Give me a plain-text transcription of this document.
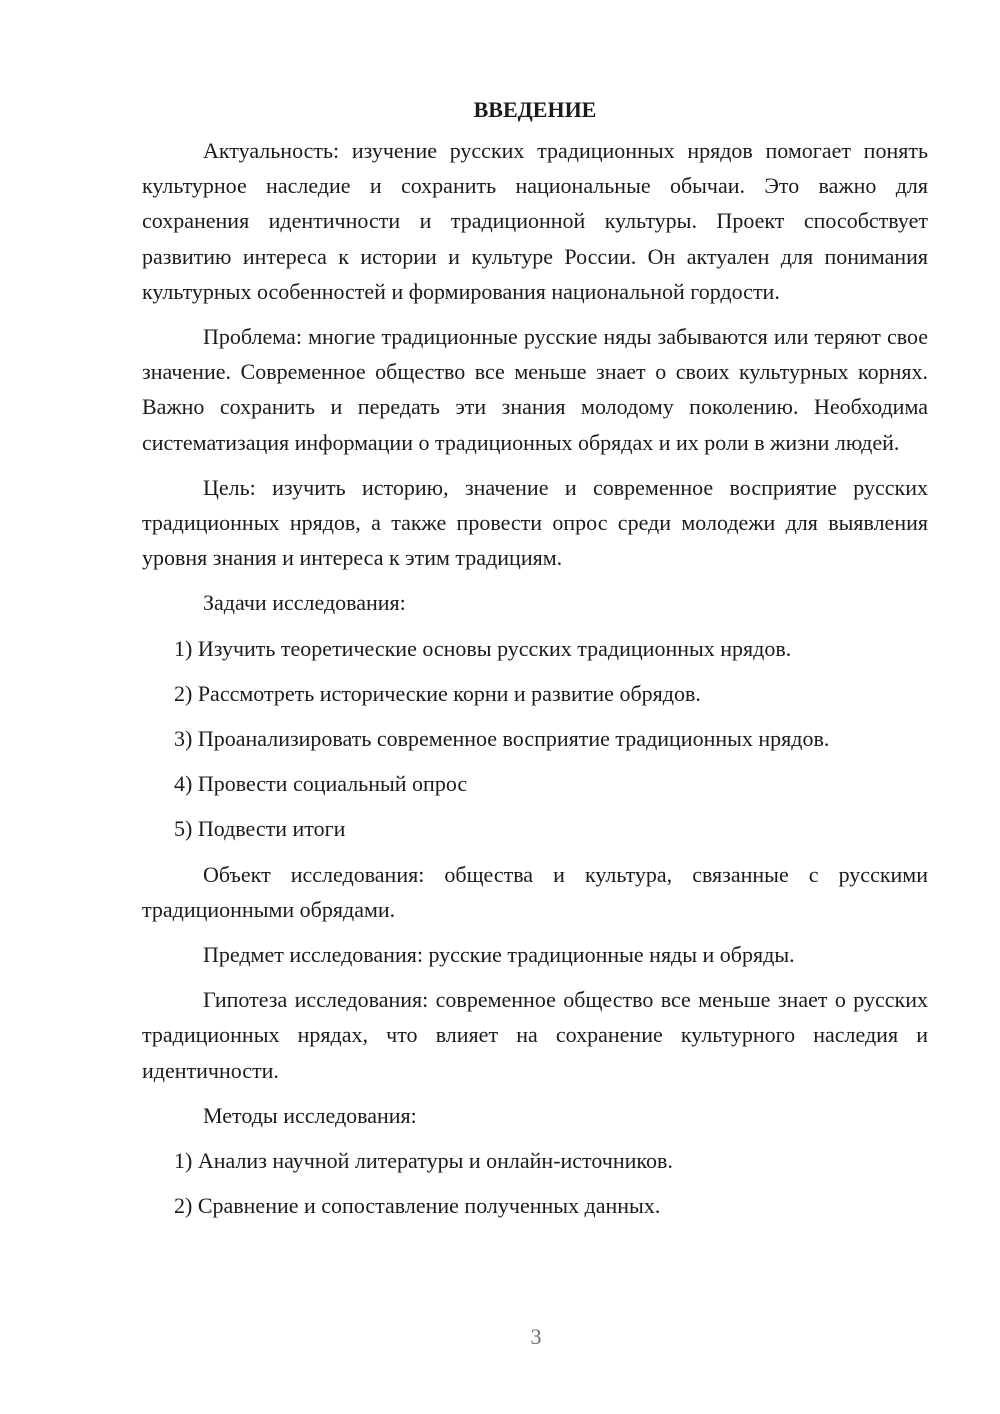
ВВЕДЕНИЕ

Актуальность: изучение русских традиционных нрядов помогает понять культурное наследие и сохранить национальные обычаи. Это важно для сохранения идентичности и традиционной культуры. Проект способствует развитию интереса к истории и культуре России. Он актуален для понимания культурных особенностей и формирования национальной гордости.

Проблема: многие традиционные русские няды забываются или теряют свое значение. Современное общество все меньше знает о своих культурных корнях. Важно сохранить и передать эти знания молодому поколению. Необходима систематизация информации о традиционных обрядах и их роли в жизни людей.

Цель: изучить историю, значение и современное восприятие русских традиционных нрядов, а также провести опрос среди молодежи для выявления уровня знания и интереса к этим традициям.

Задачи исследования:

1) Изучить теоретические основы русских традиционных нрядов.
2) Рассмотреть исторические корни и развитие обрядов.
3) Проанализировать современное восприятие традиционных нрядов.
4) Провести социальный опрос
5) Подвести итоги

Объект исследования: общества и культура, связанные с русскими традиционными обрядами.

Предмет исследования: русские традиционные няды и обряды.

Гипотеза исследования: современное общество все меньше знает о русских традиционных нрядах, что влияет на сохранение культурного наследия и идентичности.

Методы исследования:

1) Анализ научной литературы и онлайн-источников.
2) Сравнение и сопоставление полученных данных.
3
